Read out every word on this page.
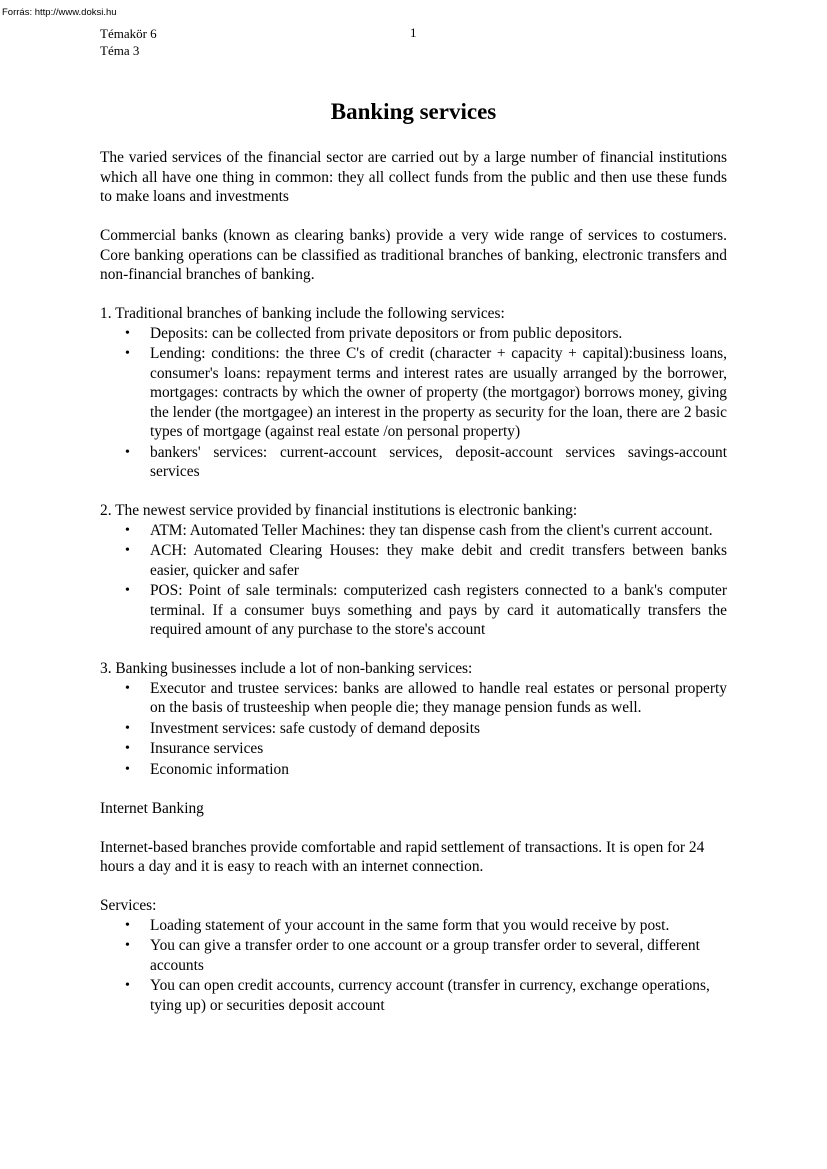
Forrás: http://www.doksi.hu
Témakör 6
Téma 3
1
Banking services

The varied services of the financial sector are carried out by a large number of financial institutions which all have one thing in common: they all collect funds from the public and then use these funds to make loans and investments

Commercial banks (known as clearing banks) provide a very wide range of services to costumers. Core banking operations can be classified as traditional branches of banking, electronic transfers and non-financial branches of banking.

1. Traditional branches of banking include the following services:
• Deposits: can be collected from private depositors or from public depositors.
• Lending: conditions: the three C's of credit (character + capacity + capital):business loans, consumer's loans: repayment terms and interest rates are usually arranged by the borrower, mortgages: contracts by which the owner of property (the mortgagor) borrows money, giving the lender (the mortgagee) an interest in the property as security for the loan, there are 2 basic types of mortgage (against real estate /on personal property)
• bankers' services: current-account services, deposit-account services savings-account services
2. The newest service provided by financial institutions is electronic banking:
• ATM: Automated Teller Machines: they tan dispense cash from the client's current account.
• ACH: Automated Clearing Houses: they make debit and credit transfers between banks easier, quicker and safer
• POS: Point of sale terminals: computerized cash registers connected to a bank's computer terminal. If a consumer buys something and pays by card it automatically transfers the required amount of any purchase to the store's account
3. Banking businesses include a lot of non-banking services:
• Executor and trustee services: banks are allowed to handle real estates or personal property on the basis of trusteeship when people die; they manage pension funds as well.
• Investment services: safe custody of demand deposits
• Insurance services
• Economic information

Internet Banking

Internet-based branches provide comfortable and rapid settlement of transactions. It is open for 24 hours a day and it is easy to reach with an internet connection.

Services:
• Loading statement of your account in the same form that you would receive by post.
• You can give a transfer order to one account or a group transfer order to several, different accounts
• You can open credit accounts, currency account (transfer in currency, exchange operations, tying up) or securities deposit account
